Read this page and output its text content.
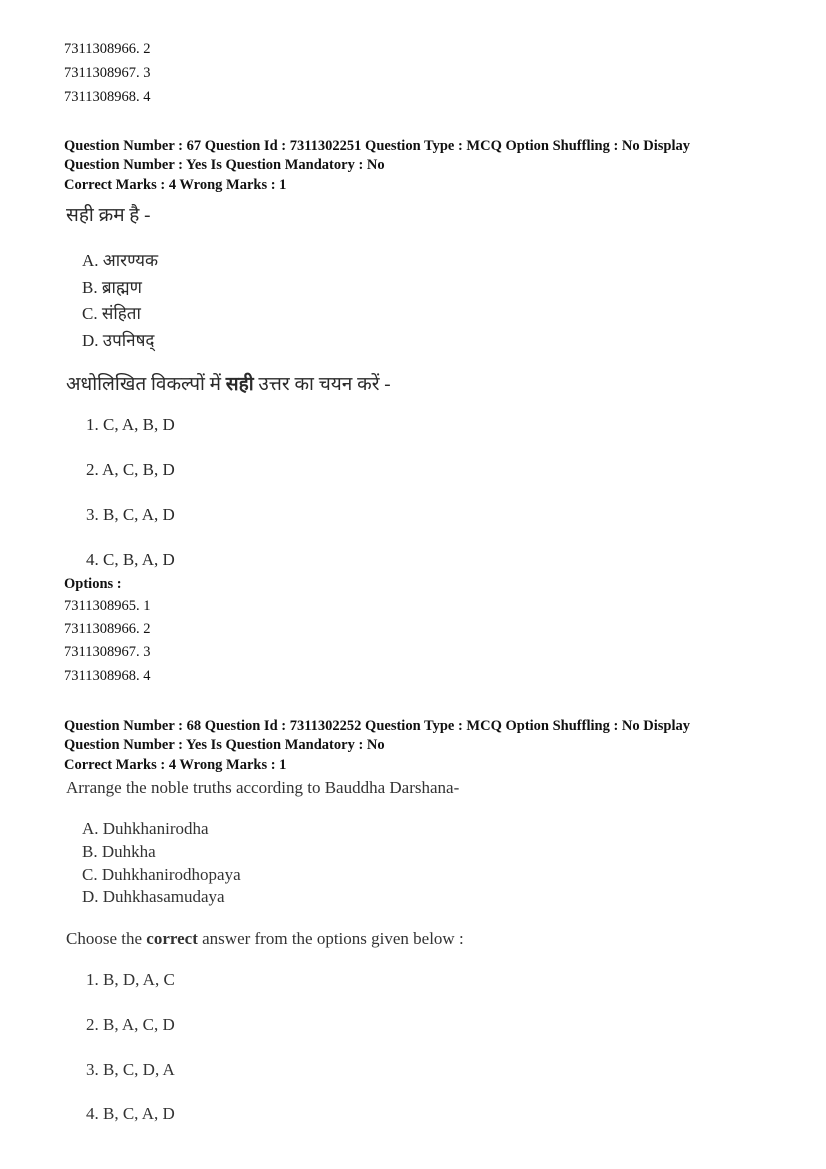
7311308966. 2
7311308967. 3
7311308968. 4
Question Number : 67 Question Id : 7311302251 Question Type : MCQ Option Shuffling : No Display
Question Number : Yes Is Question Mandatory : No
Correct Marks : 4 Wrong Marks : 1
सही क्रम है -
A. आरण्यक
B. ब्राह्मण
C. संहिता
D. उपनिषद्
अधोलिखित विकल्पों में सही उत्तर का चयन करें -
1. C, A, B, D
2. A, C, B, D
3. B, C, A, D
4. C, B, A, D
Options :
7311308965. 1
7311308966. 2
7311308967. 3
7311308968. 4
Question Number : 68 Question Id : 7311302252 Question Type : MCQ Option Shuffling : No Display
Question Number : Yes Is Question Mandatory : No
Correct Marks : 4 Wrong Marks : 1
Arrange the noble truths according to Bauddha Darshana-
A. Duhkhanirodha
B. Duhkha
C. Duhkhanirodhopaya
D. Duhkhasamudaya
Choose the correct answer from the options given below :
1. B, D, A, C
2. B, A, C, D
3. B, C, D, A
4. B, C, A, D
